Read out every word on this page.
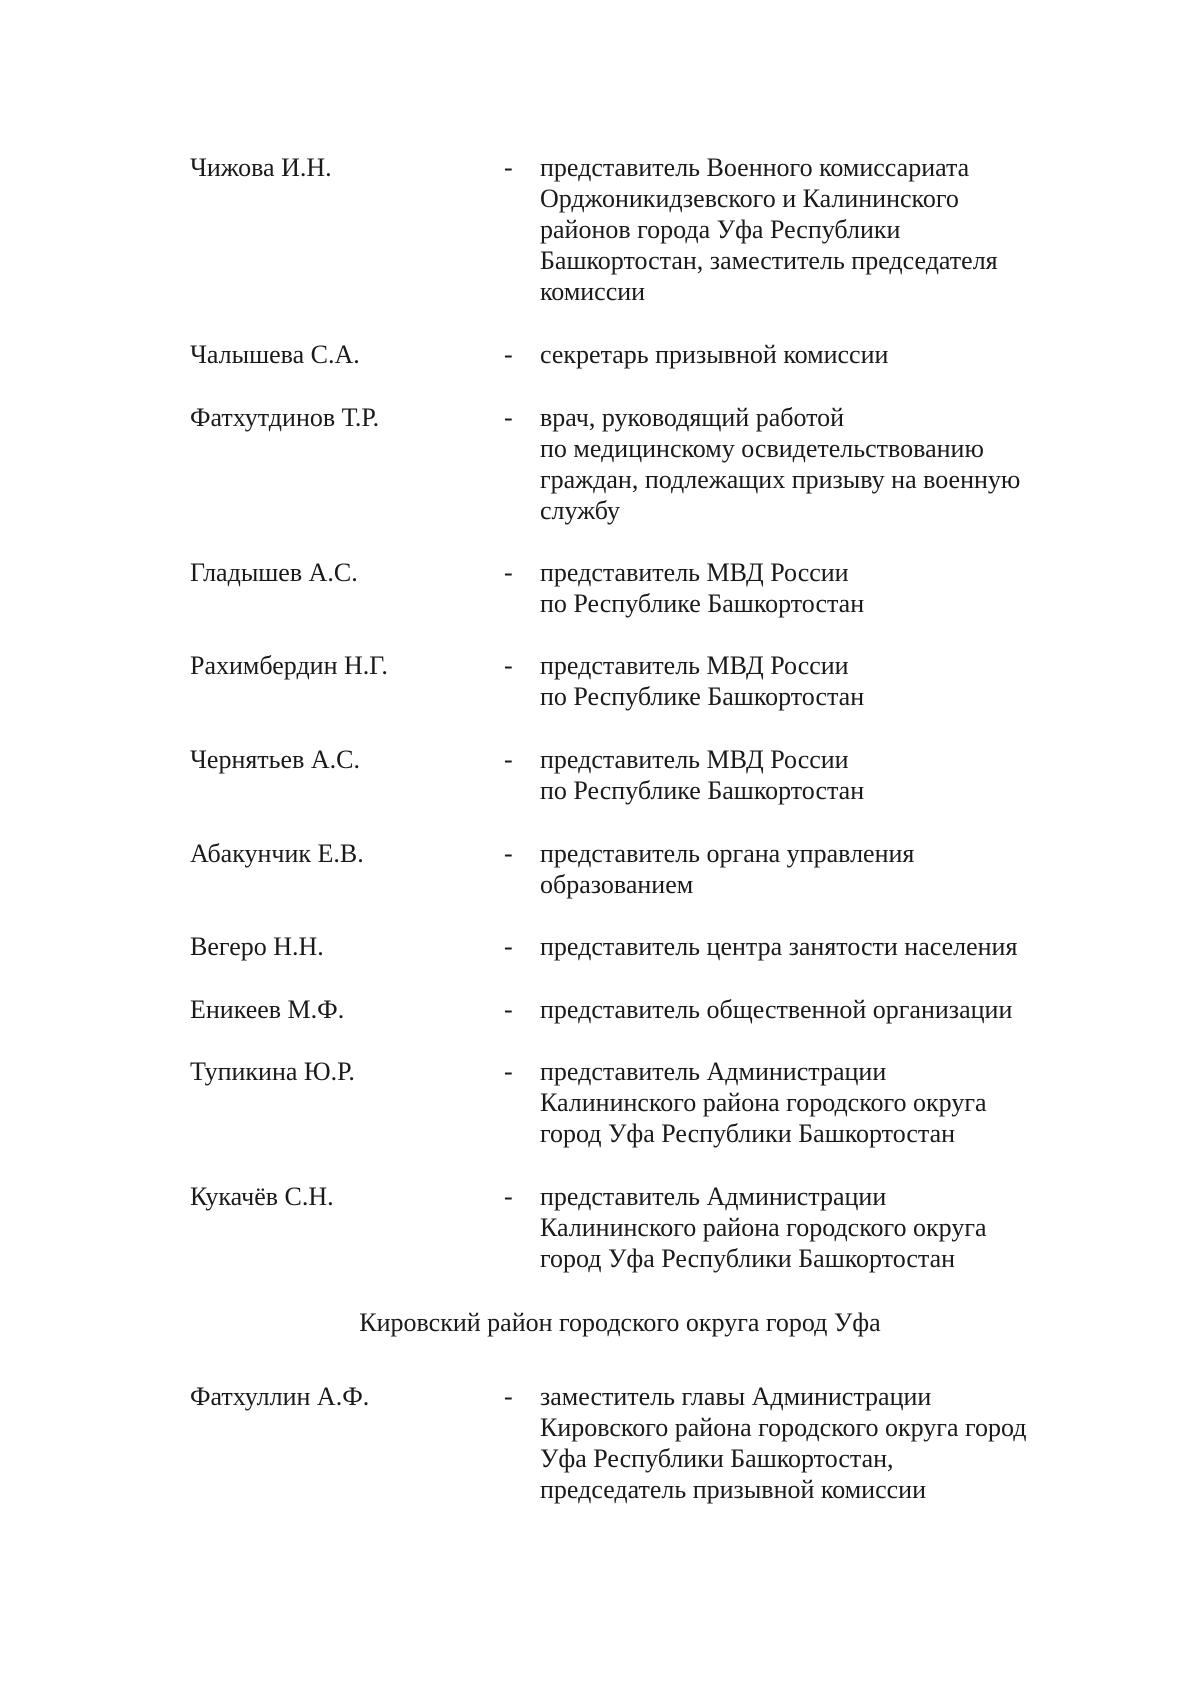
Чижова И.Н.	-	представитель Военного комиссариата
Орджоникидзевского и Калининского
районов города Уфа Республики
Башкортостан, заместитель председателя
комиссии
Чалышева С.А.	-	секретарь призывной комиссии
Фатхутдинов Т.Р.	-	врач, руководящий работой
по медицинскому освидетельствованию
граждан, подлежащих призыву на военную
службу
Гладышев А.С.	-	представитель МВД России
по Республике Башкортостан
Рахимбердин Н.Г.	-	представитель МВД России
по Республике Башкортостан
Чернятьев А.С.	-	представитель МВД России
по Республике Башкортостан
Абакунчик Е.В.	-	представитель органа управления
образованием
Вегеро Н.Н.	-	представитель центра занятости населения
Еникеев М.Ф.	-	представитель общественной организации
Тупикина Ю.Р.	-	представитель Администрации
Калининского района городского округа
город Уфа Республики Башкортостан
Кукачёв С.Н.	-	представитель Администрации
Калининского района городского округа
город Уфа Республики Башкортостан
Кировский район городского округа город Уфа
Фатхуллин А.Ф.	-	заместитель главы Администрации
Кировского района городского округа город
Уфа Республики Башкортостан,
председатель призывной комиссии
